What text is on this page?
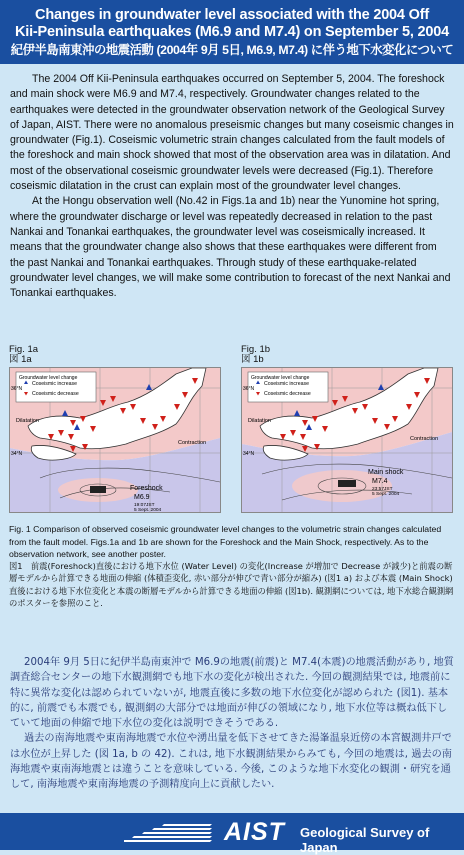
Changes in groundwater level associated with the 2004 Off
Kii-Peninsula earthquakes (M6.9 and M7.4) on September 5, 2004
紀伊半島南東沖の地震活動 (2004年 9月 5日, M6.9, M7.4) に伴う地下水変化について

The 2004 Off Kii-Peninsula earthquakes occurred on September 5, 2004. The foreshock and main shock were M6.9 and M7.4, respectively. Groundwater changes related to the earthquakes were detected in the groundwater observation network of the Geological Survey of Japan, AIST. There were no anomalous preseismic changes but many coseismic changes in groundwater (Fig.1). Coseismic volumetric strain changes calculated from the fault models of the foreshock and main shock showed that most of the observation area was in dilatation. And most of the observational coseismic groundwater levels were decreased (Fig.1). Therefore coseismic dilatation in the crust can explain most of the groundwater level changes.

At the Hongu observation well (No.42 in Figs.1a and 1b) near the Yunomine hot spring, where the groundwater discharge or level was repeatedly decreased in relation to the past Nankai and Tonankai earthquakes, the groundwater level was coseismically increased. It means that the groundwater change also shows that these earthquakes were different from the past Nankai and Tonankai earthquakes. Through study of these earthquake-related groundwater level changes, we will make some contribution to forecast of the next Nankai and Tonankai earthquakes.

Fig. 1a
図 1a
Groundwater level change
Coseismic increase
Coseismic decrease
Dilatation
Contraction
Foreshock
M6.9
19:07JST
5 Sept. 2004
36°N
34°N
Fig. 1b
図 1b
Groundwater level change
Coseismic increase
Coseismic decrease
Dilatation
Contraction
Main shock
M7.4
23:57JST
5 Sept. 2004
36°N
34°N
Fig. 1 Comparison of observed coseismic groundwater level changes to the volumetric strain changes calculated from the fault model. Figs.1a and 1b are shown for the Foreshock and the Main Shock, respectively. As to the observation network, see another poster.
図1　前震(Foreshock)直後における地下水位 (Water Level) の変化(Increase が増加で Decrease が減少)と前震の断層モデルから計算できる地面の伸縮 (体積歪変化, 赤い部分が伸びで青い部分が縮み) (図1 a) および本震 (Main Shock) 直後における地下水位変化と本震の断層モデルから計算できる地面の伸縮 (図1b). 観測網については, 地下水総合観測網のポスターを参照のこと.

2004年 9月 5日に紀伊半島南東沖で M6.9の地震(前震)と M7.4(本震)の地震活動があり, 地質調査総合センターの地下水観測網でも地下水の変化が検出された. 今回の観測結果では, 地震前に特に異常な変化は認められていないが, 地震直後に多数の地下水位変化が認められた (図1). 基本的に, 前震でも本震でも, 観測網の大部分では地面が伸びの領域になり, 地下水位等は概ね低下していて地面の伸縮で地下水位の変化は説明できそうである.

過去の南海地震や東南海地震で水位や湧出量を低下させてきた湯峯温泉近傍の本宮観測井戸では水位が上昇した (図 1a, b の 42). これは, 地下水観測結果からみても, 今回の地震は, 過去の南海地震や東南海地震とは違うことを意味している. 今後, このような地下水変化の観測・研究を通して, 南海地震や東南海地震の予測精度向上に貢献したい.

AIST Geological Survey of Japan
